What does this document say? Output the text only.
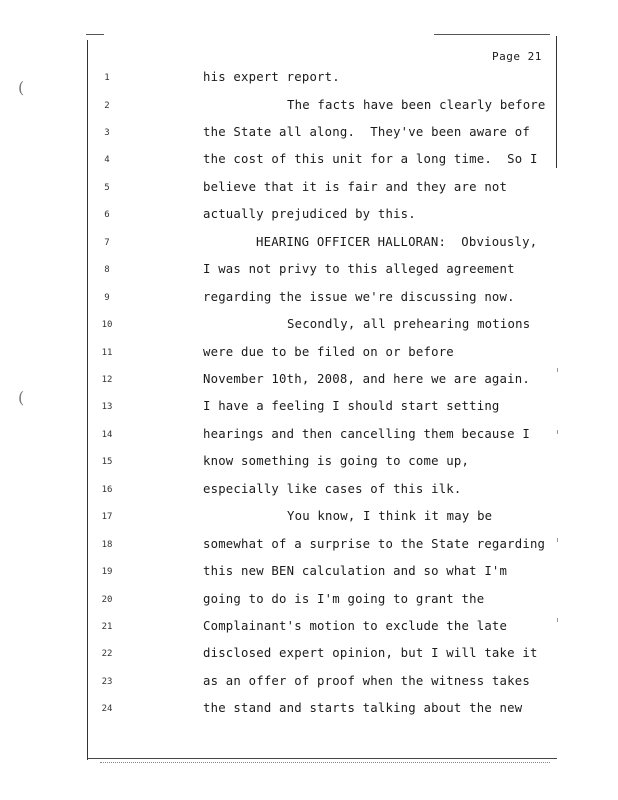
(
(
Page 21
1	his expert report.
2	The facts have been clearly before
3	the State all along.  They've been aware of
4	the cost of this unit for a long time.  So I
5	believe that it is fair and they are not
6	actually prejudiced by this.
7	HEARING OFFICER HALLORAN:  Obviously,
8	I was not privy to this alleged agreement
9	regarding the issue we're discussing now.
10	Secondly, all prehearing motions
11	were due to be filed on or before
12	November 10th, 2008, and here we are again.
13	I have a feeling I should start setting
14	hearings and then cancelling them because I
15	know something is going to come up,
16	especially like cases of this ilk.
17	You know, I think it may be
18	somewhat of a surprise to the State regarding
19	this new BEN calculation and so what I'm
20	going to do is I'm going to grant the
21	Complainant's motion to exclude the late
22	disclosed expert opinion, but I will take it
23	as an offer of proof when the witness takes
24	the stand and starts talking about the new
